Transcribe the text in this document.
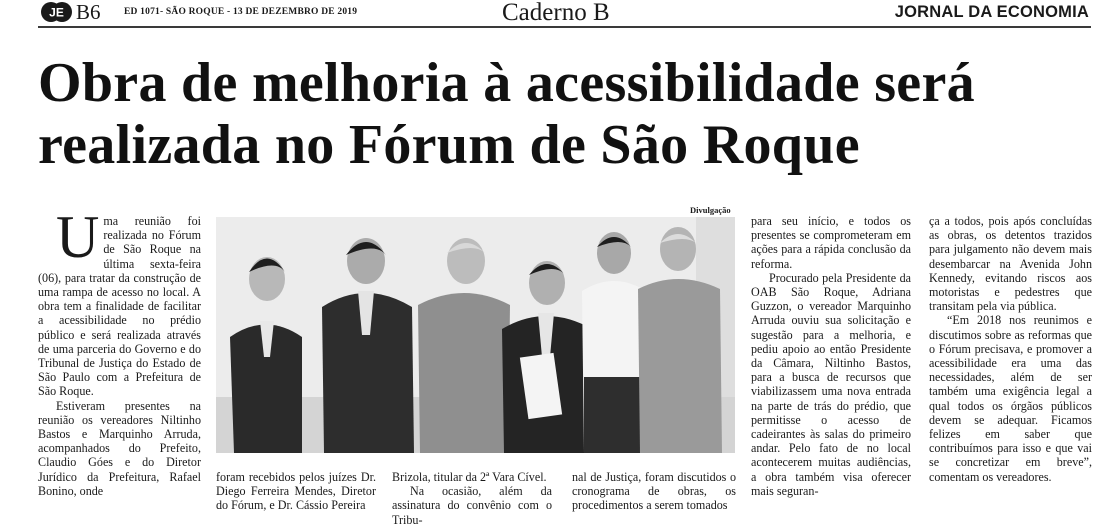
JE B6 ED 1071- SÃO ROQUE - 13 DE DEZEMBRO DE 2019	Caderno B	JORNAL DA ECONOMIA
Obra de melhoria à acessibilidade será
realizada no Fórum de São Roque

Uma reunião foi realizada no Fórum de São Roque na última sexta-feira (06), para tratar da construção de uma rampa de acesso no local. A obra tem a finalidade de facilitar a acessibilidade no prédio público e será realizada através de uma parceria do Governo e do Tribunal de Justiça do Estado de São Paulo com a Prefeitura de São Roque.

Estiveram presentes na reunião os vereadores Niltinho Bastos e Marquinho Arruda, acompanhados do Prefeito, Claudio Góes e do Diretor Jurídico da Prefeitura, Rafael Bonino, onde

Divulgação

foram recebidos pelos juízes Dr. Diego Ferreira Mendes, Diretor do Fórum, e Dr. Cássio Pereira

Brizola, titular da 2ª Vara Cível.

Na ocasião, além da assinatura do convênio com o Tribu-

nal de Justiça, foram discutidos o cronograma de obras, os procedimentos a serem tomados

para seu início, e todos os presentes se comprometeram em ações para a rápida conclusão da reforma.

Procurado pela Presidente da OAB São Roque, Adriana Guzzon, o vereador Marquinho Arruda ouviu sua solicitação e sugestão para a melhoria, e pediu apoio ao então Presidente da Câmara, Niltinho Bastos, para a busca de recursos que viabilizassem uma nova entrada na parte de trás do prédio, que permitisse o acesso de cadeirantes às salas do primeiro andar. Pelo fato de no local acontecerem muitas audiências, a obra também visa oferecer mais seguran-

ça a todos, pois após concluídas as obras, os detentos trazidos para julgamento não devem mais desembarcar na Avenida John Kennedy, evitando riscos aos motoristas e pedestres que transitam pela via pública.

“Em 2018 nos reunimos e discutimos sobre as reformas que o Fórum precisava, e promover a acessibilidade era uma das necessidades, além de ser também uma exigência legal a qual todos os órgãos públicos devem se adequar. Ficamos felizes em saber que contribuímos para isso e que vai se concretizar em breve”, comentam os vereadores.
